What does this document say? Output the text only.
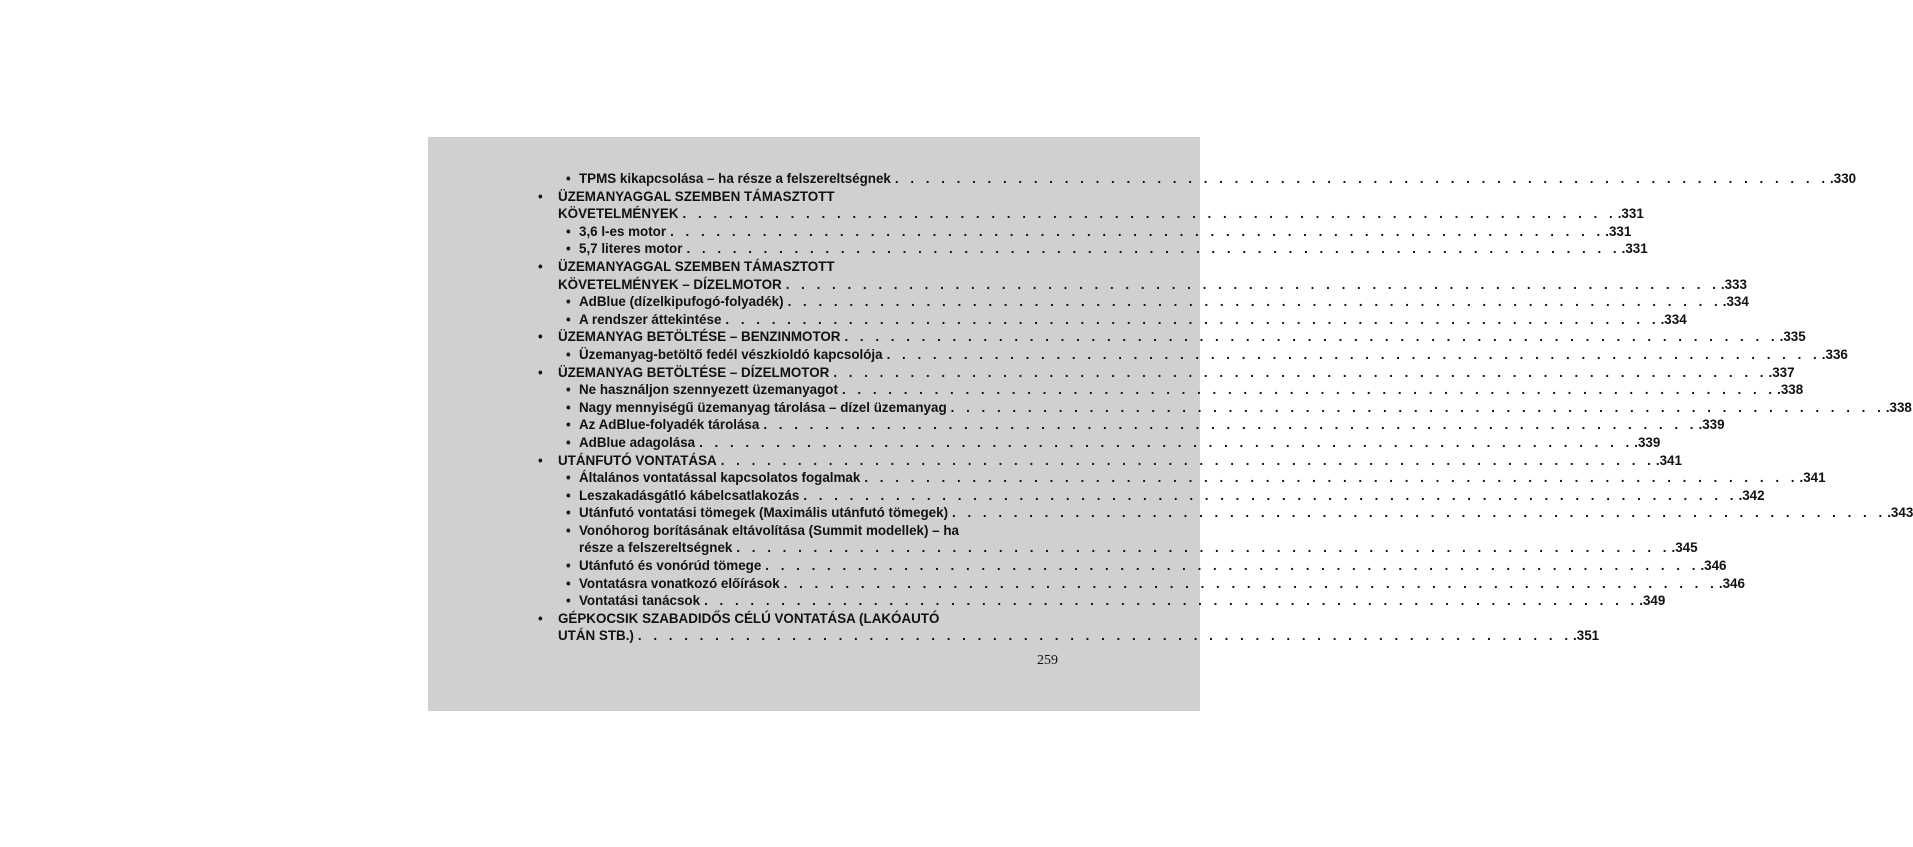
• TPMS kikapcsolása – ha része a felszereltségnek . . . . . . . . . . . . . . . . . . . . . . . . . . . . . . . . . . . . . . . . . . . . . . . . . . . . . . . . . . . . . .330
• ÜZEMANYAGGAL SZEMBEN TÁMASZTOTT
KÖVETELMÉNYEK . . . . . . . . . . . . . . . . . . . . . . . . . . . . . . . . . . . . . . . . . . . . . . . . . . . . . . . . . . . . . .331
• 3,6 l-es motor . . . . . . . . . . . . . . . . . . . . . . . . . . . . . . . . . . . . . . . . . . . . . . . . . . . . . . . . . . . . . .331
• 5,7 literes motor . . . . . . . . . . . . . . . . . . . . . . . . . . . . . . . . . . . . . . . . . . . . . . . . . . . . . . . . . . . . . .331
• ÜZEMANYAGGAL SZEMBEN TÁMASZTOTT
KÖVETELMÉNYEK – DÍZELMOTOR . . . . . . . . . . . . . . . . . . . . . . . . . . . . . . . . . . . . . . . . . . . . . . . . . . . . . . . . . . . . . .333
• AdBlue (dízelkipufogó-folyadék) . . . . . . . . . . . . . . . . . . . . . . . . . . . . . . . . . . . . . . . . . . . . . . . . . . . . . . . . . . . . . .334
• A rendszer áttekintése . . . . . . . . . . . . . . . . . . . . . . . . . . . . . . . . . . . . . . . . . . . . . . . . . . . . . . . . . . . . . .334
• ÜZEMANYAG BETÖLTÉSE – BENZINMOTOR . . . . . . . . . . . . . . . . . . . . . . . . . . . . . . . . . . . . . . . . . . . . . . . . . . . . . . . . . . . . . .335
• Üzemanyag-betöltő fedél vészkioldó kapcsolója . . . . . . . . . . . . . . . . . . . . . . . . . . . . . . . . . . . . . . . . . . . . . . . . . . . . . . . . . . . . . .336
• ÜZEMANYAG BETÖLTÉSE – DÍZELMOTOR . . . . . . . . . . . . . . . . . . . . . . . . . . . . . . . . . . . . . . . . . . . . . . . . . . . . . . . . . . . . . .337
• Ne használjon szennyezett üzemanyagot . . . . . . . . . . . . . . . . . . . . . . . . . . . . . . . . . . . . . . . . . . . . . . . . . . . . . . . . . . . . . .338
• Nagy mennyiségű üzemanyag tárolása – dízel üzemanyag . . . . . . . . . . . . . . . . . . . . . . . . . . . . . . . . . . . . . . . . . . . . . . . . . . . . . . . . . . . . . .338
• Az AdBlue-folyadék tárolása . . . . . . . . . . . . . . . . . . . . . . . . . . . . . . . . . . . . . . . . . . . . . . . . . . . . . . . . . . . . . .339
• AdBlue adagolása . . . . . . . . . . . . . . . . . . . . . . . . . . . . . . . . . . . . . . . . . . . . . . . . . . . . . . . . . . . . . .339
• UTÁNFUTÓ VONTATÁSA . . . . . . . . . . . . . . . . . . . . . . . . . . . . . . . . . . . . . . . . . . . . . . . . . . . . . . . . . . . . . .341
• Általános vontatással kapcsolatos fogalmak . . . . . . . . . . . . . . . . . . . . . . . . . . . . . . . . . . . . . . . . . . . . . . . . . . . . . . . . . . . . . .341
• Leszakadásgátló kábelcsatlakozás . . . . . . . . . . . . . . . . . . . . . . . . . . . . . . . . . . . . . . . . . . . . . . . . . . . . . . . . . . . . . .342
• Utánfutó vontatási tömegek (Maximális utánfutó tömegek) . . . . . . . . . . . . . . . . . . . . . . . . . . . . . . . . . . . . . . . . . . . . . . . . . . . . . . . . . . . . . .343
• Vonóhorog borításának eltávolítása (Summit modellek) – ha
része a felszereltségnek . . . . . . . . . . . . . . . . . . . . . . . . . . . . . . . . . . . . . . . . . . . . . . . . . . . . . . . . . . . . . .345
• Utánfutó és vonórúd tömege . . . . . . . . . . . . . . . . . . . . . . . . . . . . . . . . . . . . . . . . . . . . . . . . . . . . . . . . . . . . . .346
• Vontatásra vonatkozó előírások . . . . . . . . . . . . . . . . . . . . . . . . . . . . . . . . . . . . . . . . . . . . . . . . . . . . . . . . . . . . . .346
• Vontatási tanácsok . . . . . . . . . . . . . . . . . . . . . . . . . . . . . . . . . . . . . . . . . . . . . . . . . . . . . . . . . . . . . .349
• GÉPKOCSIK SZABADIDŐS CÉLÚ VONTATÁSA (LAKÓAUTÓ
UTÁN STB.) . . . . . . . . . . . . . . . . . . . . . . . . . . . . . . . . . . . . . . . . . . . . . . . . . . . . . . . . . . . . . .351
259
